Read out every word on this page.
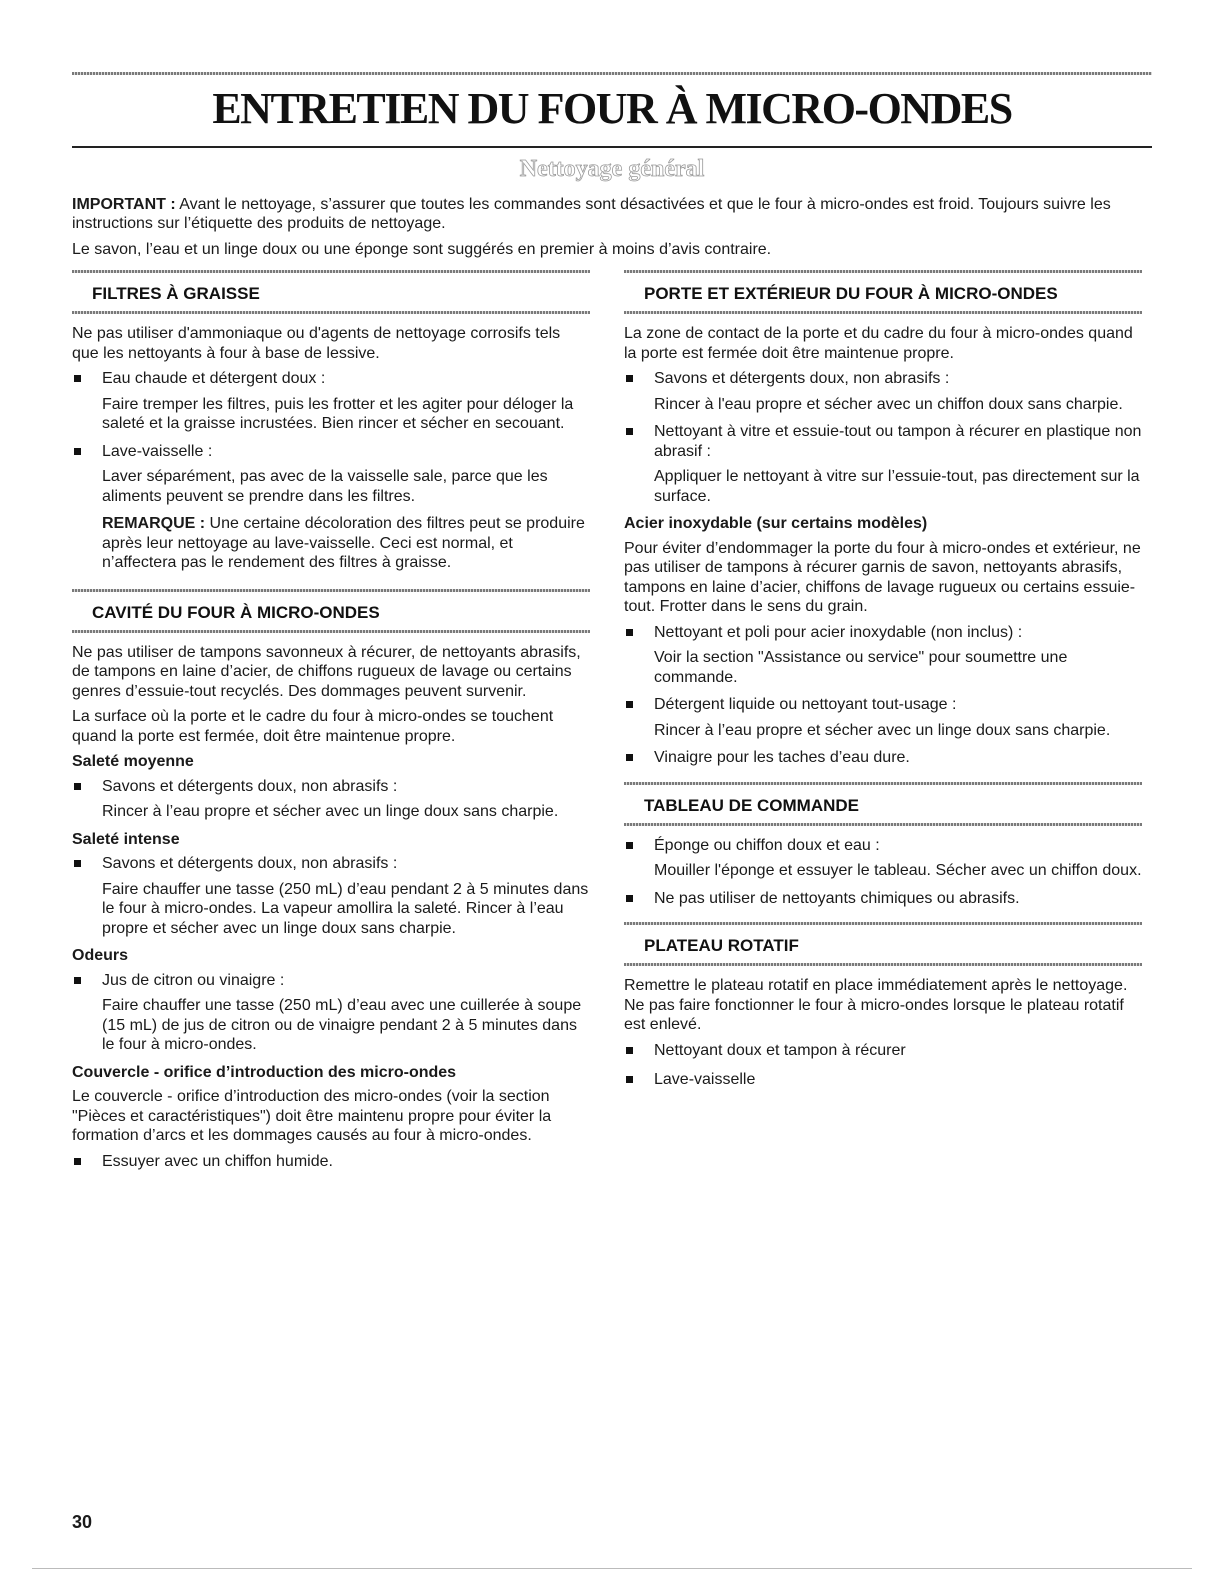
ENTRETIEN DU FOUR À MICRO-ONDES
Nettoyage général

IMPORTANT : Avant le nettoyage, s’assurer que toutes les commandes sont désactivées et que le four à micro-ondes est froid. Toujours suivre les instructions sur l’étiquette des produits de nettoyage.

Le savon, l’eau et un linge doux ou une éponge sont suggérés en premier à moins d’avis contraire.

FILTRES À GRAISSE

Ne pas utiliser d'ammoniaque ou d'agents de nettoyage corrosifs tels que les nettoyants à four à base de lessive.

Eau chaude et détergent doux :

Faire tremper les filtres, puis les frotter et les agiter pour déloger la saleté et la graisse incrustées. Bien rincer et sécher en secouant.

Lave-vaisselle :

Laver séparément, pas avec de la vaisselle sale, parce que les aliments peuvent se prendre dans les filtres.

REMARQUE : Une certaine décoloration des filtres peut se produire après leur nettoyage au lave-vaisselle. Ceci est normal, et n’affectera pas le rendement des filtres à graisse.

CAVITÉ DU FOUR À MICRO-ONDES

Ne pas utiliser de tampons savonneux à récurer, de nettoyants abrasifs, de tampons en laine d’acier, de chiffons rugueux de lavage ou certains genres d’essuie-tout recyclés. Des dommages peuvent survenir.

La surface où la porte et le cadre du four à micro-ondes se touchent quand la porte est fermée, doit être maintenue propre.

Saleté moyenne

Savons et détergents doux, non abrasifs :

Rincer à l’eau propre et sécher avec un linge doux sans charpie.

Saleté intense

Savons et détergents doux, non abrasifs :

Faire chauffer une tasse (250 mL) d’eau pendant 2 à 5 minutes dans le four à micro-ondes. La vapeur amollira la saleté. Rincer à l’eau propre et sécher avec un linge doux sans charpie.

Odeurs

Jus de citron ou vinaigre :

Faire chauffer une tasse (250 mL) d’eau avec une cuillerée à soupe (15 mL) de jus de citron ou de vinaigre pendant 2 à 5 minutes dans le four à micro-ondes.

Couvercle - orifice d’introduction des micro-ondes

Le couvercle - orifice d’introduction des micro-ondes (voir la section "Pièces et caractéristiques") doit être maintenu propre pour éviter la formation d’arcs et les dommages causés au four à micro-ondes.

Essuyer avec un chiffon humide.
PORTE ET EXTÉRIEUR DU FOUR À MICRO-ONDES

La zone de contact de la porte et du cadre du four à micro-ondes quand la porte est fermée doit être maintenue propre.

Savons et détergents doux, non abrasifs :

Rincer à l'eau propre et sécher avec un chiffon doux sans charpie.

Nettoyant à vitre et essuie-tout ou tampon à récurer en plastique non abrasif :

Appliquer le nettoyant à vitre sur l’essuie-tout, pas directement sur la surface.

Acier inoxydable (sur certains modèles)

Pour éviter d’endommager la porte du four à micro-ondes et extérieur, ne pas utiliser de tampons à récurer garnis de savon, nettoyants abrasifs, tampons en laine d’acier, chiffons de lavage rugueux ou certains essuie-tout. Frotter dans le sens du grain.

Nettoyant et poli pour acier inoxydable (non inclus) :

Voir la section "Assistance ou service" pour soumettre une commande.

Détergent liquide ou nettoyant tout-usage :

Rincer à l’eau propre et sécher avec un linge doux sans charpie.

Vinaigre pour les taches d’eau dure.
TABLEAU DE COMMANDE
Éponge ou chiffon doux et eau :

Mouiller l'éponge et essuyer le tableau. Sécher avec un chiffon doux.

Ne pas utiliser de nettoyants chimiques ou abrasifs.
PLATEAU ROTATIF

Remettre le plateau rotatif en place immédiatement après le nettoyage. Ne pas faire fonctionner le four à micro-ondes lorsque le plateau rotatif est enlevé.

Nettoyant doux et tampon à récurer
Lave-vaisselle

30
